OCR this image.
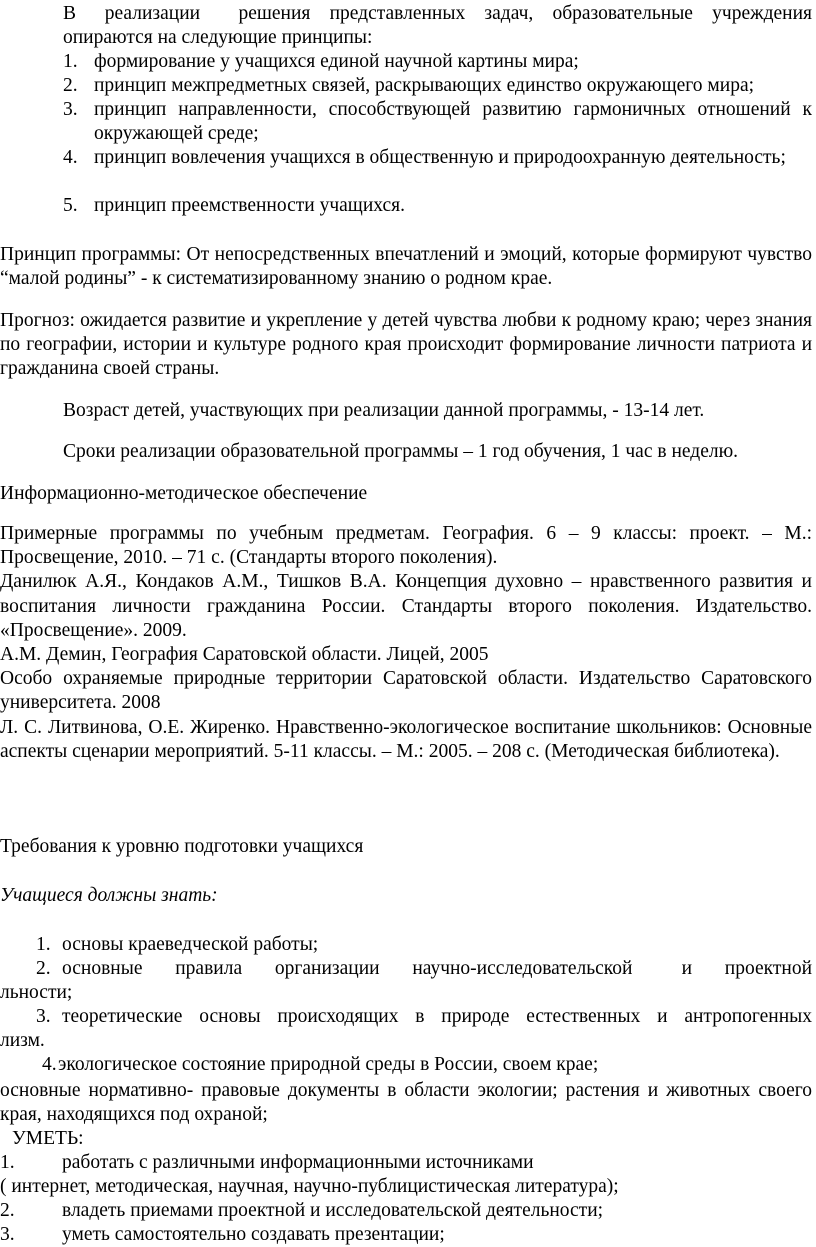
В   реализации    решения  представленных  задач,  образовательные  учреждения

опираются на следующие принципы:

1. формирование у учащихся единой научной картины мира;
2. принцип межпредметных связей, раскрывающих единство окружающего мира;
3. принцип направленности, способствующей развитию гармоничных отношений к окружающей среде;
4. принцип вовлечения учащихся в общественную и природоохранную деятельность;
5. принцип преемственности учащихся.

Принцип программы: От непосредственных впечатлений и эмоций, которые формируют чувство “малой родины” - к систематизированному знанию о родном крае.

Прогноз: ожидается развитие и укрепление у детей чувства любви к родному краю; через знания по географии, истории и культуре родного края происходит формирование личности патриота и гражданина своей страны.

Возраст детей, участвующих при реализации данной программы, - 13-14 лет.

Сроки реализации образовательной программы – 1 год обучения, 1 час в неделю.

Информационно-методическое обеспечение

Примерные программы по учебным предметам. География. 6 – 9 классы: проект. – М.: Просвещение, 2010. – 71 с. (Стандарты второго поколения).

Данилюк А.Я., Кондаков А.М., Тишков В.А. Концепция духовно – нравственного развития и воспитания личности гражданина России. Стандарты второго поколения. Издательство. «Просвещение». 2009.

А.М. Демин, География Саратовской области. Лицей, 2005

Особо охраняемые природные территории Саратовской области. Издательство Саратовского университета. 2008

Л. С. Литвинова, О.Е. Жиренко. Нравственно-экологическое воспитание школьников: Основные аспекты сценарии мероприятий. 5-11 классы. – М.: 2005. – 208 с. (Методическая библиотека).

Требования к уровню подготовки учащихся

Учащиеся должны знать:

1. основы краеведческой работы;
2. основные    правила    организации    научно-исследовательской      и    проектной
льности;
3. теоретические  основы  происходящих  в  природе  естественных  и  антропогенных
лизм.
4. экологическое состояние природной среды в России, своем крае;

основные нормативно- правовые документы в области экологии; растения и животных своего края, находящихся под охраной;

УМЕТЬ:

1. работать с различными информационными источниками
( интернет, методическая, научная, научно-публицистическая литература);
2. владеть приемами проектной и исследовательской деятельности;
3. уметь самостоятельно создавать презентации;
